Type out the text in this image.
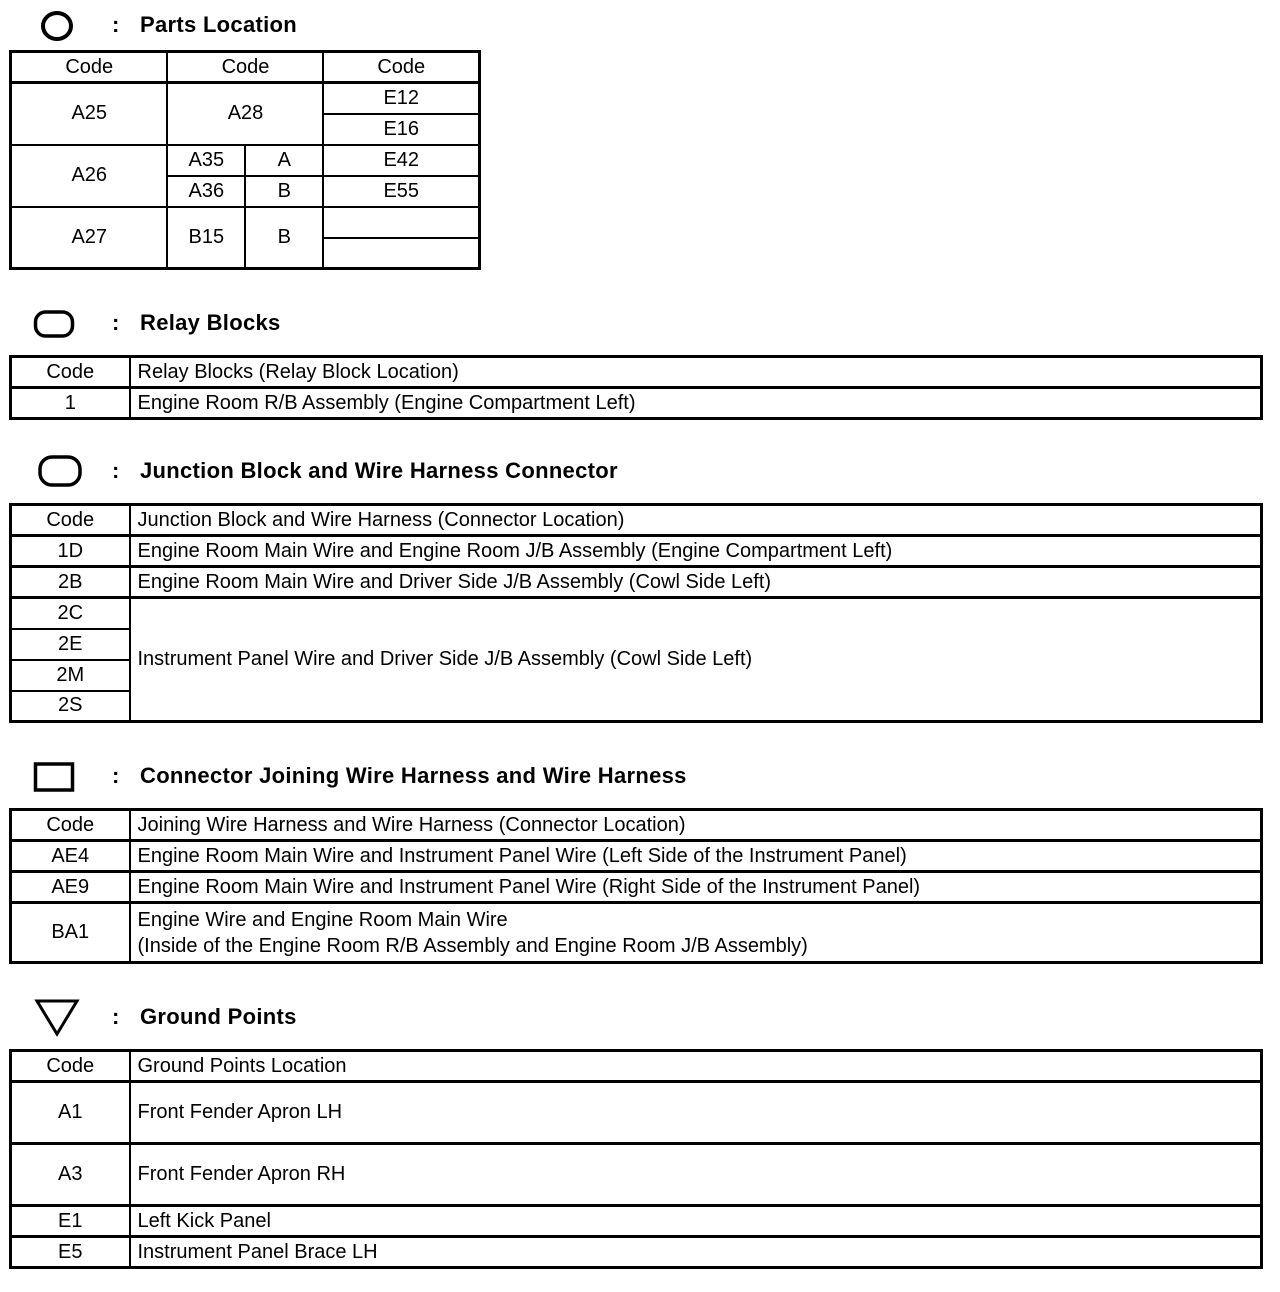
: Parts Location
Code	Code		Code
A25	A28		E12
			E16
A26	A35	A	E42
	A36	B	E55
A27	B15	B	

: Relay Blocks
Code	Relay Blocks (Relay Block Location)
1	Engine Room R/B Assembly (Engine Compartment Left)
: Junction Block and Wire Harness Connector
Code	Junction Block and Wire Harness (Connector Location)
1D	Engine Room Main Wire and Engine Room J/B Assembly (Engine Compartment Left)
2B	Engine Room Main Wire and Driver Side J/B Assembly (Cowl Side Left)
2C	Instrument Panel Wire and Driver Side J/B Assembly (Cowl Side Left)
2E	
2M	
2S	
: Connector Joining Wire Harness and Wire Harness
Code	Joining Wire Harness and Wire Harness (Connector Location)
AE4	Engine Room Main Wire and Instrument Panel Wire (Left Side of the Instrument Panel)
AE9	Engine Room Main Wire and Instrument Panel Wire (Right Side of the Instrument Panel)
BA1	Engine Wire and Engine Room Main Wire
(Inside of the Engine Room R/B Assembly and Engine Room J/B Assembly)
: Ground Points
Code	Ground Points Location
A1	Front Fender Apron LH
A3	Front Fender Apron RH
E1	Left Kick Panel
E5	Instrument Panel Brace LH
